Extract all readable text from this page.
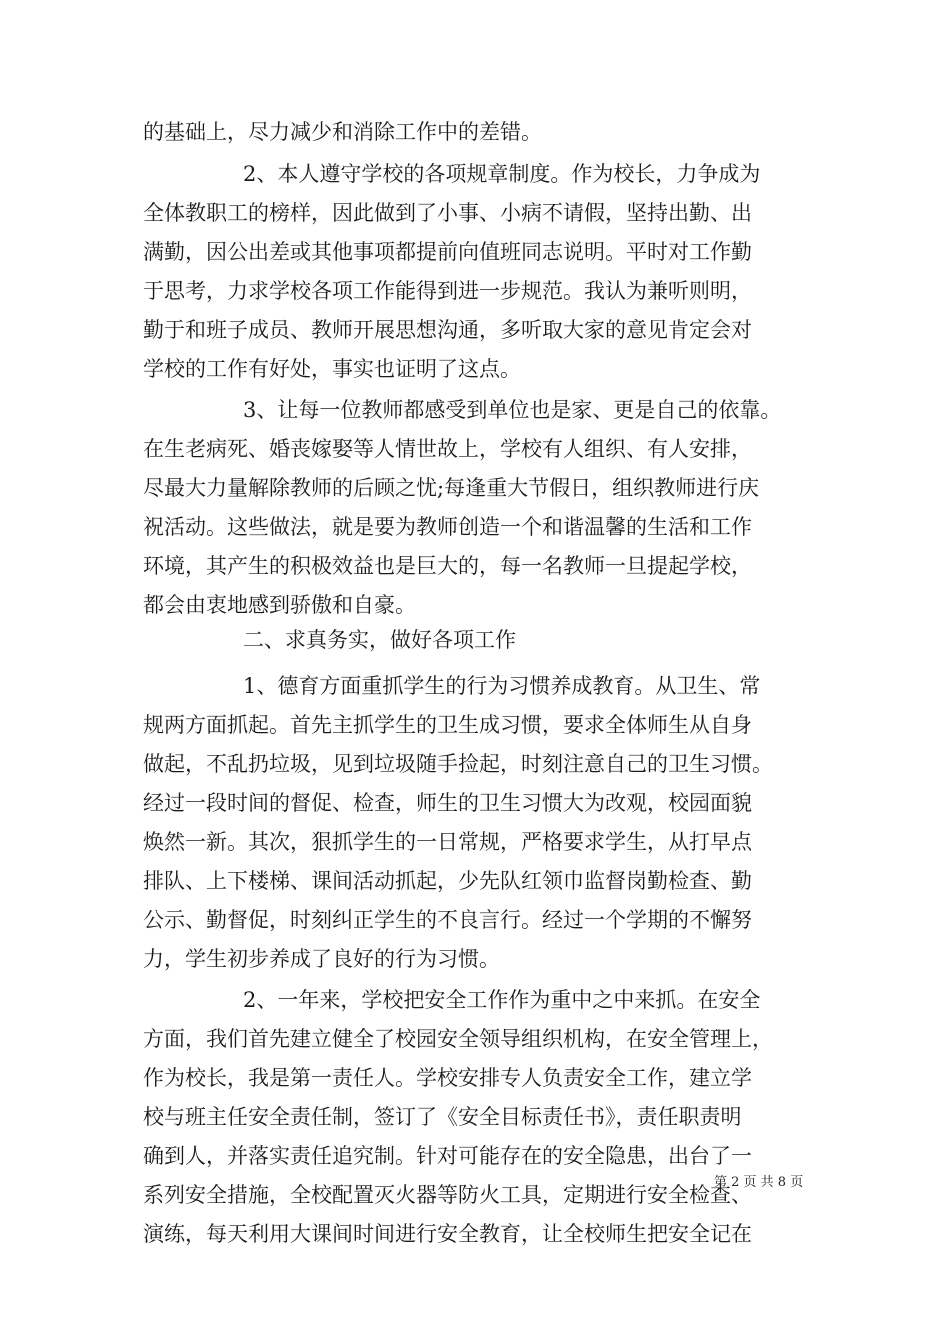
的基础上，尽力减少和消除工作中的差错。
2、本人遵守学校的各项规章制度。作为校长，力争成为
全体教职工的榜样，因此做到了小事、小病不请假，坚持出勤、出
满勤，因公出差或其他事项都提前向值班同志说明。平时对工作勤
于思考，力求学校各项工作能得到进一步规范。我认为兼听则明，
勤于和班子成员、教师开展思想沟通，多听取大家的意见肯定会对
学校的工作有好处，事实也证明了这点。
3、让每一位教师都感受到单位也是家、更是自己的依靠。
在生老病死、婚丧嫁娶等人情世故上，学校有人组织、有人安排，
尽最大力量解除教师的后顾之忧;每逢重大节假日，组织教师进行庆
祝活动。这些做法，就是要为教师创造一个和谐温馨的生活和工作
环境，其产生的积极效益也是巨大的，每一名教师一旦提起学校，
都会由衷地感到骄傲和自豪。
二、求真务实，做好各项工作
1、德育方面重抓学生的行为习惯养成教育。从卫生、常
规两方面抓起。首先主抓学生的卫生成习惯，要求全体师生从自身
做起，不乱扔垃圾，见到垃圾随手捡起，时刻注意自己的卫生习惯。
经过一段时间的督促、检查，师生的卫生习惯大为改观，校园面貌
焕然一新。其次，狠抓学生的一日常规，严格要求学生，从打早点
排队、上下楼梯、课间活动抓起，少先队红领巾监督岗勤检查、勤
公示、勤督促，时刻纠正学生的不良言行。经过一个学期的不懈努
力，学生初步养成了良好的行为习惯。
2、一年来，学校把安全工作作为重中之中来抓。在安全
方面，我们首先建立健全了校园安全领导组织机构，在安全管理上，
作为校长，我是第一责任人。学校安排专人负责安全工作，建立学
校与班主任安全责任制，签订了《安全目标责任书》，责任职责明
确到人，并落实责任追究制。针对可能存在的安全隐患，出台了一
系列安全措施，全校配置灭火器等防火工具，定期进行安全检查、
演练，每天利用大课间时间进行安全教育，让全校师生把安全记在
第 2 页 共 8 页
